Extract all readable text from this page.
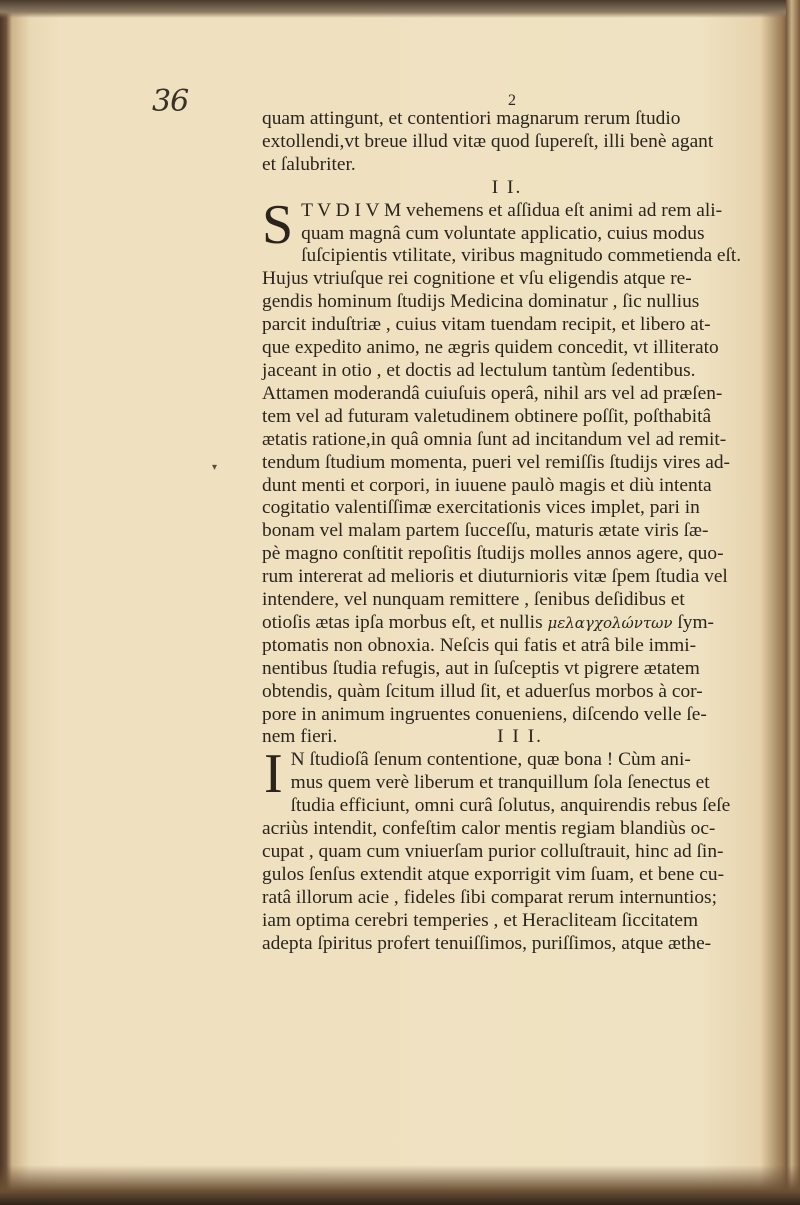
36	2
▾
quam attingunt, et contentiori magnarum rerum ſtudio
extollendi,vt breue illud vitæ quod ſupereſt, illi benè agant
et ſalubriter.
I I.
S T V D I V M vehemens et aſſidua eſt animi ad rem ali-
quam magnâ cum voluntate applicatio, cuius modus
ſuſcipientis vtilitate, viribus magnitudo commetienda eſt.
Hujus vtriuſque rei cognitione et vſu eligendis atque re-
gendis hominum ſtudijs Medicina dominatur , ſic nullius
parcit induſtriæ , cuius vitam tuendam recipit, et libero at-
que expedito animo, ne ægris quidem concedit, vt illiterato
jaceant in otio , et doctis ad lectulum tantùm ſedentibus.
Attamen moderandâ cuiuſuis operâ, nihil ars vel ad præſen-
tem vel ad futuram valetudinem obtinere poſſit, poſthabitâ
ætatis ratione,in quâ omnia ſunt ad incitandum vel ad remit-
tendum ſtudium momenta, pueri vel remiſſis ſtudijs vires ad-
dunt menti et corpori, in iuuene paulò magis et diù intenta
cogitatio valentiſſimæ exercitationis vices implet, pari in
bonam vel malam partem ſucceſſu, maturis ætate viris ſæ-
pè magno conſtitit repoſitis ſtudijs molles annos agere, quo-
rum intererat ad melioris et diuturnioris vitæ ſpem ſtudia vel
intendere, vel nunquam remittere , ſenibus deſidibus et
otioſis ætas ipſa morbus eſt, et nullis μελαγχολώντων ſym-
ptomatis non obnoxia. Neſcis qui fatis et atrâ bile immi-
nentibus ſtudia refugis, aut in ſuſceptis vt pigrere ætatem
obtendis, quàm ſcitum illud ſit, et aduerſus morbos à cor-
pore in animum ingruentes conueniens, diſcendo velle ſe-
nem fieri.	I I I.
I N ſtudioſâ ſenum contentione, quæ bona ! Cùm ani-
mus quem verè liberum et tranquillum ſola ſenectus et
ſtudia efficiunt, omni curâ ſolutus, anquirendis rebus ſeſe
acriùs intendit, confeſtim calor mentis regiam blandiùs oc-
cupat , quam cum vniuerſam purior colluſtrauit, hinc ad ſin-
gulos ſenſus extendit atque exporrigit vim ſuam, et bene cu-
ratâ illorum acie , fideles ſibi comparat rerum internuntios;
iam optima cerebri temperies , et Heracliteam ſiccitatem
adepta ſpiritus profert tenuiſſimos, puriſſimos, atque æthe-
